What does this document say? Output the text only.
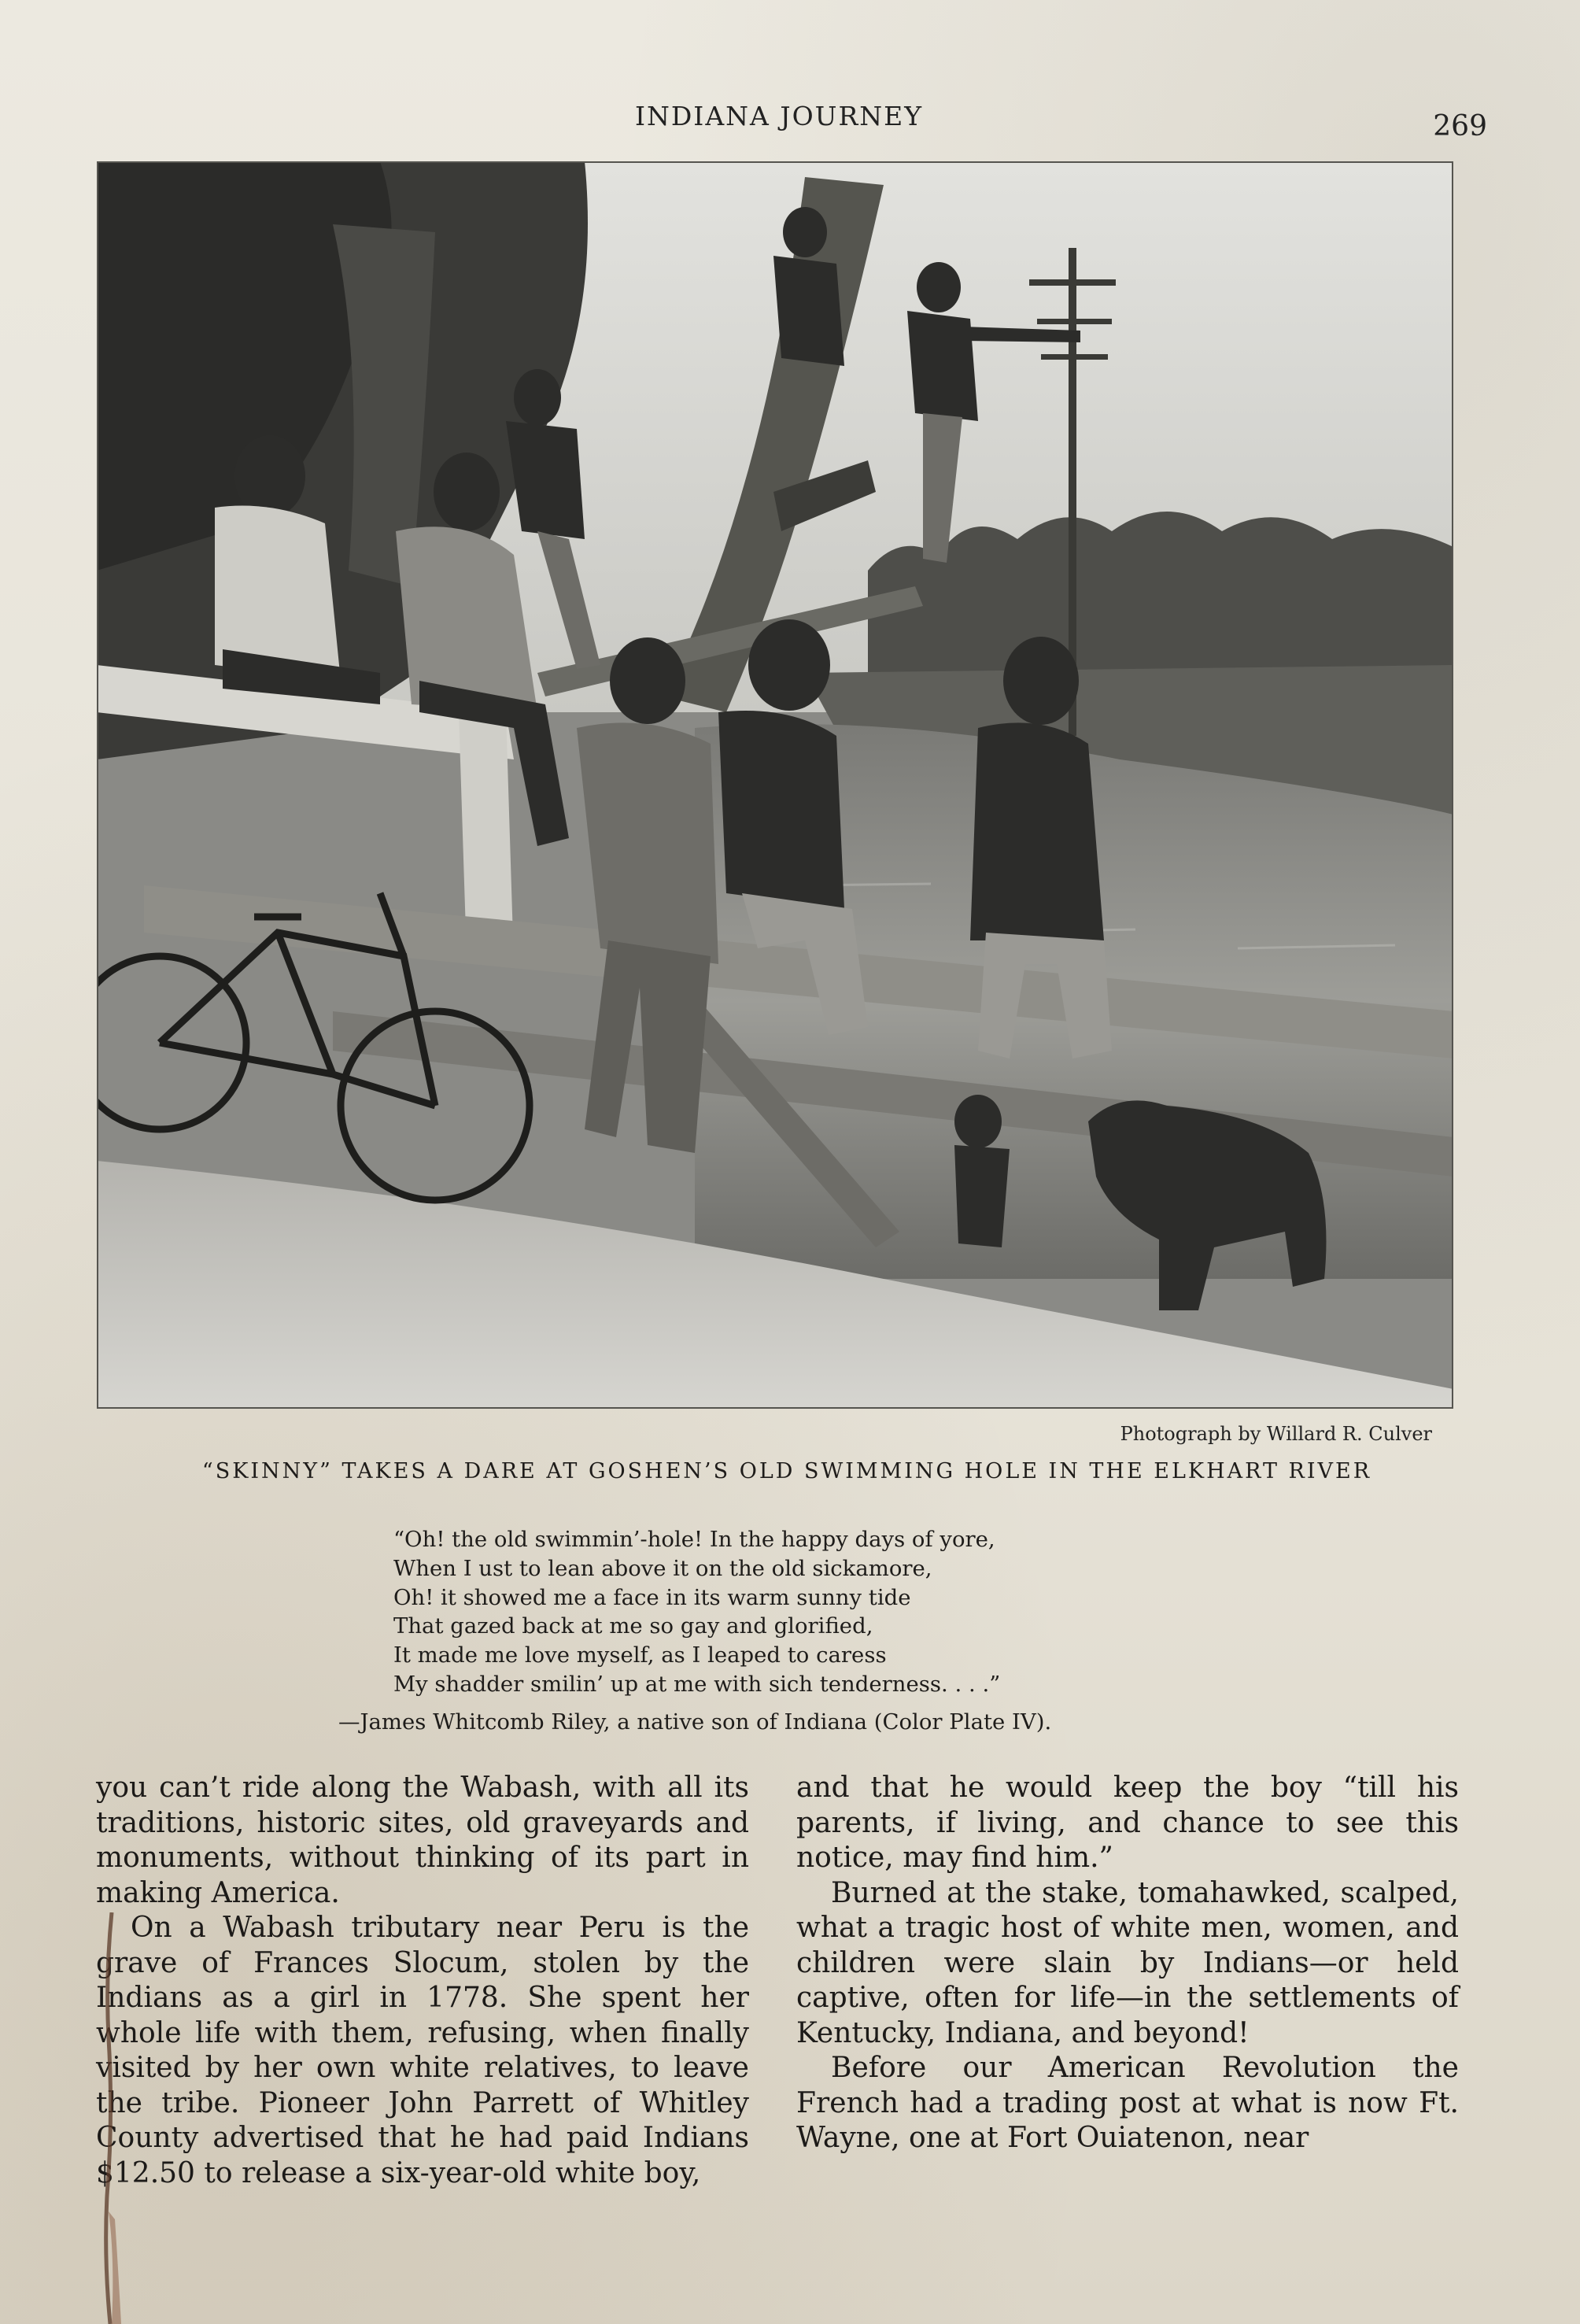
INDIANA JOURNEY	269
Photograph by Willard R. Culver
“SKINNY” TAKES A DARE AT GOSHEN’S OLD SWIMMING HOLE IN THE ELKHART RIVER
“Oh! the old swimmin’-hole! In the happy days of yore,
When I ust to lean above it on the old sickamore,
Oh! it showed me a face in its warm sunny tide
That gazed back at me so gay and glorified,
It made me love myself, as I leaped to caress
My shadder smilin’ up at me with sich tenderness. . . .”
—James Whitcomb Riley, a native son of Indiana (Color Plate IV).

you can’t ride along the Wabash, with all its traditions, historic sites, old graveyards and monuments, without thinking of its part in making America.

On a Wabash tributary near Peru is the grave of Frances Slocum, stolen by the Indians as a girl in 1778. She spent her whole life with them, refusing, when finally visited by her own white relatives, to leave the tribe. Pioneer John Parrett of Whitley County advertised that he had paid Indians $12.50 to release a six-year-old white boy,

and that he would keep the boy “till his parents, if living, and chance to see this notice, may find him.”

Burned at the stake, tomahawked, scalped, what a tragic host of white men, women, and children were slain by Indians—or held captive, often for life—in the settlements of Kentucky, Indiana, and beyond!

Before our American Revolution the French had a trading post at what is now Ft. Wayne, one at Fort Ouiatenon, near
